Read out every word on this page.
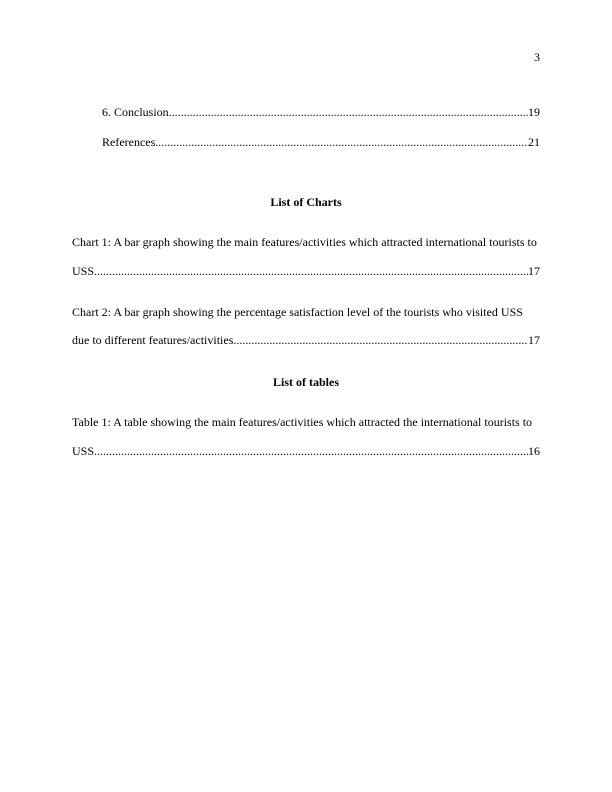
3
6. Conclusion .....	19
References .....	21
List of Charts
Chart 1: A bar graph showing the main features/activities which attracted international tourists to
USS .....	17
Chart 2: A bar graph showing the percentage satisfaction level of the tourists who visited USS
due to different features/activities .....	17
List of tables
Table 1: A table showing the main features/activities which attracted the international tourists to
USS .....	16
